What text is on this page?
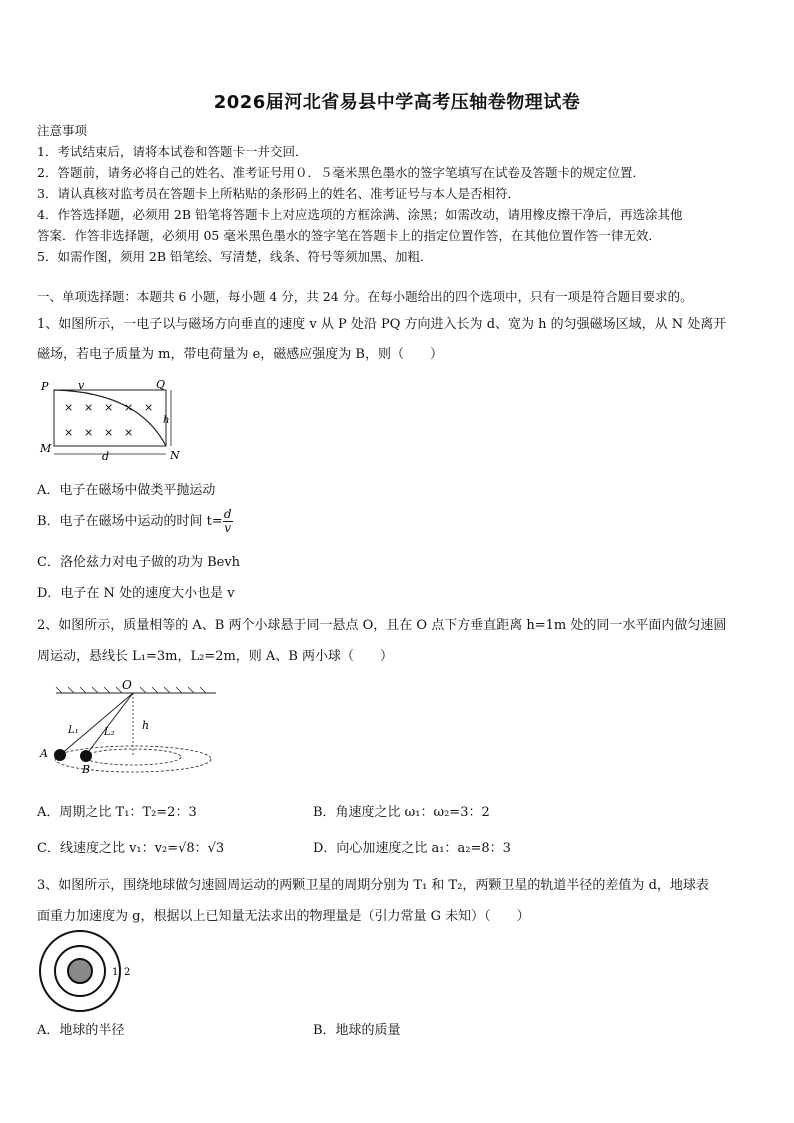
2026届河北省易县中学高考压轴卷物理试卷
注意事项
1．考试结束后，请将本试卷和答题卡一并交回．
2．答题前，请务必将自己的姓名、准考证号用０．５毫米黑色墨水的签字笔填写在试卷及答题卡的规定位置．
3．请认真核对监考员在答题卡上所粘贴的条形码上的姓名、准考证号与本人是否相符．
4．作答选择题，必须用 2B 铅笔将答题卡上对应选项的方框涂满、涂黑；如需改动，请用橡皮擦干净后，再选涂其他
答案．作答非选择题，必须用 05 毫米黑色墨水的签字笔在答题卡上的指定位置作答，在其他位置作答一律无效．
5．如需作图，须用 2B 铅笔绘、写清楚，线条、符号等须加黑、加粗．
一、单项选择题：本题共 6 小题，每小题 4 分，共 24 分。在每小题给出的四个选项中，只有一项是符合题目要求的。
1、如图所示，一电子以与磁场方向垂直的速度 v 从 P 处沿 PQ 方向进入长为 d、宽为 h 的匀强磁场区域，从 N 处离开
磁场，若电子质量为 m，带电荷量为 e，磁感应强度为 B，则（　　）
P	v	Q
M
N
h
d
× × × × ×
× × × ×
A．电子在磁场中做类平抛运动
B．电子在磁场中运动的时间 $t= \frac{d}{v}$
C．洛伦兹力对电子做的功为 Bevh
D．电子在 N 处的速度大小也是 v
2、如图所示，质量相等的 A、B 两个小球悬于同一悬点 O，且在 O 点下方垂直距离 h=1m 处的同一水平面内做匀速圆
周运动，悬线长 L₁=3m，L₂=2m，则 A、B 两小球（　　）
O
h
L₁	L₂
A
B
A．周期之比 T₁：T₂=2：3	B．角速度之比 ω₁：ω₂=3：2
C．线速度之比 v₁：v₂=√8：√3	D．向心加速度之比 a₁：a₂=8：3
3、如图所示，围绕地球做匀速圆周运动的两颗卫星的周期分别为 T₁ 和 T₂，两颗卫星的轨道半径的差值为 d，地球表
面重力加速度为 g，根据以上已知量无法求出的物理量是（引力常量 G 未知）（　　）
1 2
A．地球的半径	B．地球的质量
